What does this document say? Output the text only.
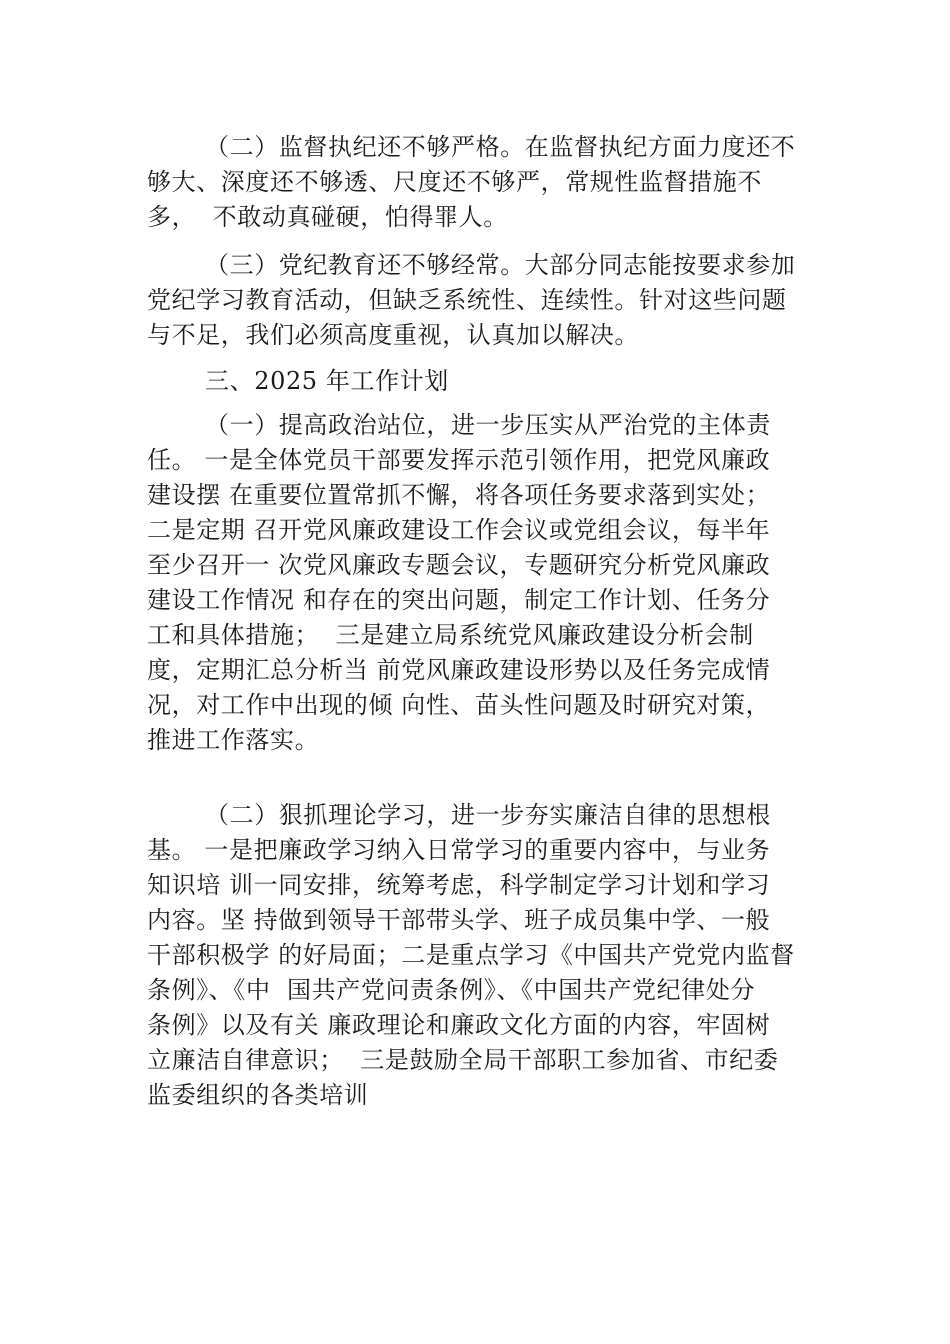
（二）监督执纪还不够严格。在监督执纪方面力度还不
够大、深度还不够透、尺度还不够严，常规性监督措施不
多，  不敢动真碰硬，怕得罪人。
（三）党纪教育还不够经常。大部分同志能按要求参加
党纪学习教育活动，但缺乏系统性、连续性。针对这些问题
与不足，我们必须高度重视，认真加以解决。
三、2025 年工作计划
（一）提高政治站位，进一步压实从严治党的主体责
任。 一是全体党员干部要发挥示范引领作用，把党风廉政
建设摆 在重要位置常抓不懈，将各项任务要求落到实处；
二是定期 召开党风廉政建设工作会议或党组会议，每半年
至少召开一 次党风廉政专题会议，专题研究分析党风廉政
建设工作情况 和存在的突出问题，制定工作计划、任务分
工和具体措施；  三是建立局系统党风廉政建设分析会制
度，定期汇总分析当 前党风廉政建设形势以及任务完成情
况，对工作中出现的倾 向性、苗头性问题及时研究对策，
推进工作落实。
（二）狠抓理论学习，进一步夯实廉洁自律的思想根
基。 一是把廉政学习纳入日常学习的重要内容中，与业务
知识培 训一同安排，统筹考虑，科学制定学习计划和学习
内容。坚 持做到领导干部带头学、班子成员集中学、一般
干部积极学 的好局面；二是重点学习《中国共产党党内监督
条例》、《中  国共产党问责条例》、《中国共产党纪律处分
条例》以及有关 廉政理论和廉政文化方面的内容，牢固树
立廉洁自律意识；  三是鼓励全局干部职工参加省、市纪委
监委组织的各类培训
